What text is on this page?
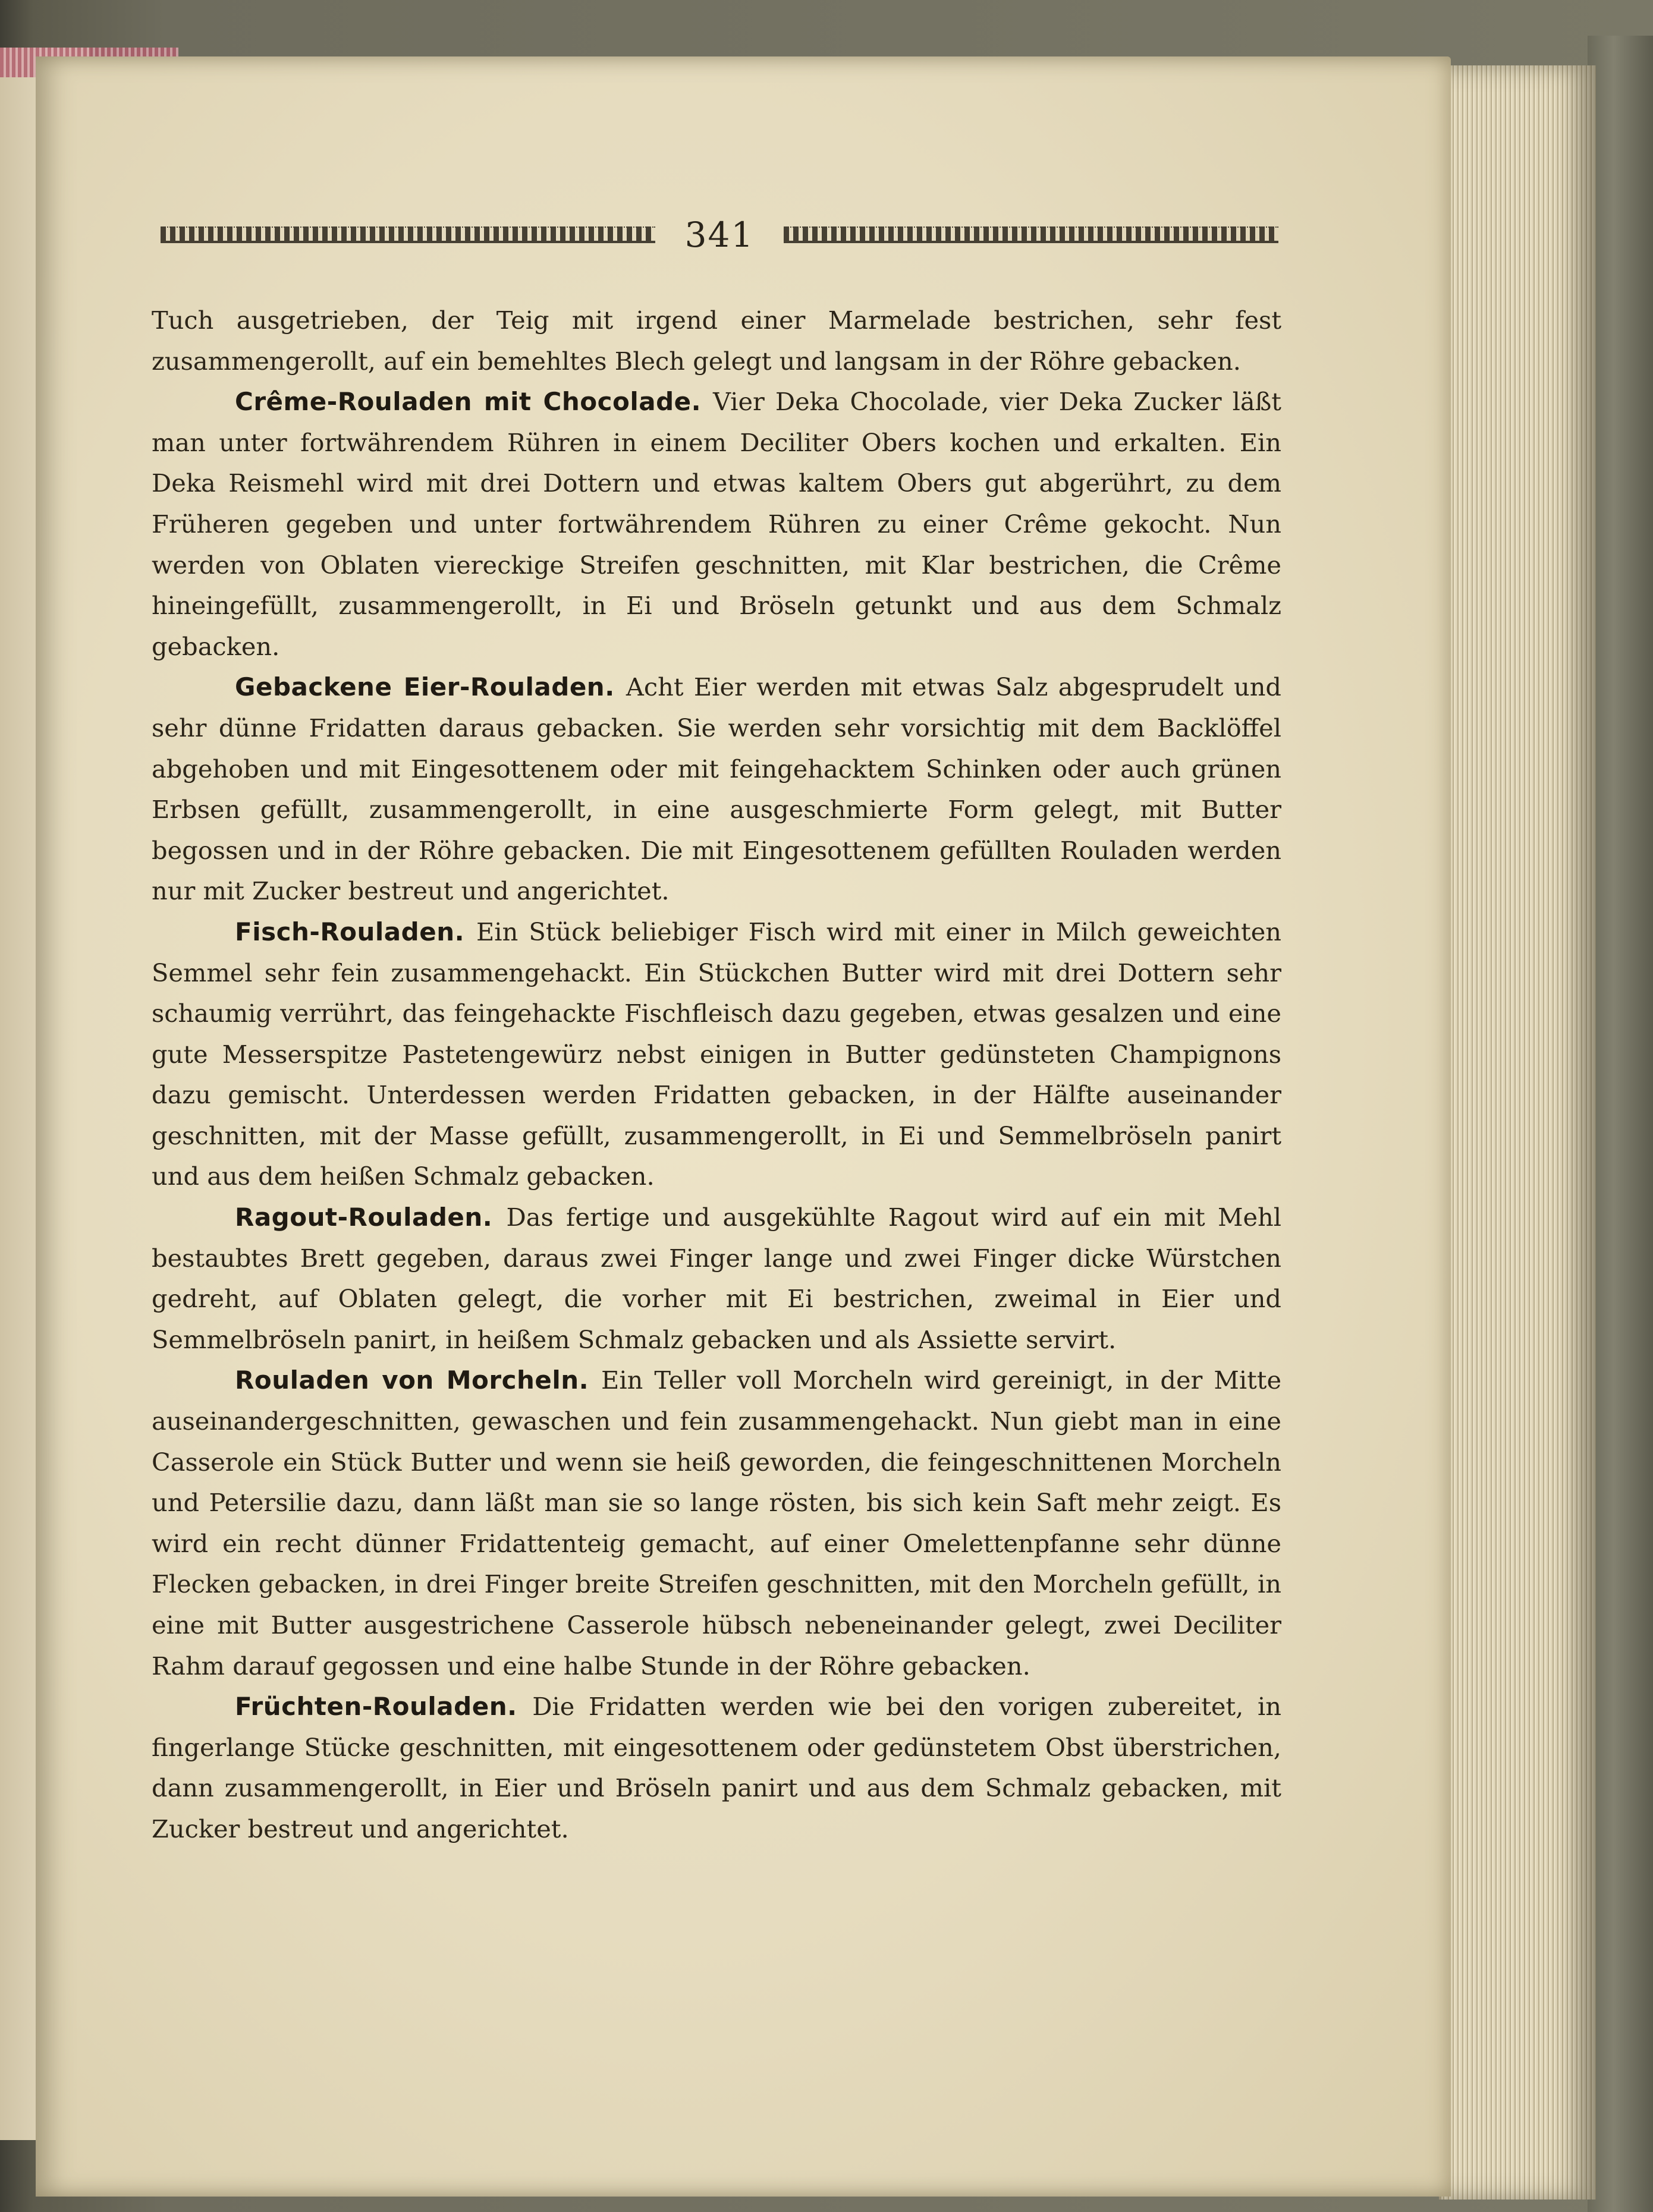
341

Tuch ausgetrieben, der Teig mit irgend einer Marmelade bestrichen, sehr fest zusammengerollt, auf ein bemehltes Blech gelegt und langsam in der Röhre gebacken.

Crême-Rouladen mit Chocolade. Vier Deka Chocolade, vier Deka Zucker läßt man unter fortwährendem Rühren in einem Deciliter Obers kochen und erkalten. Ein Deka Reismehl wird mit drei Dottern und etwas kaltem Obers gut abgerührt, zu dem Früheren gegeben und unter fortwährendem Rühren zu einer Crême gekocht. Nun werden von Oblaten viereckige Streifen geschnitten, mit Klar bestrichen, die Crême hineingefüllt, zusammengerollt, in Ei und Bröseln getunkt und aus dem Schmalz gebacken.

Gebackene Eier-Rouladen. Acht Eier werden mit etwas Salz abgesprudelt und sehr dünne Fridatten daraus gebacken. Sie werden sehr vorsichtig mit dem Backlöffel abgehoben und mit Eingesottenem oder mit feingehacktem Schinken oder auch grünen Erbsen gefüllt, zusammengerollt, in eine ausgeschmierte Form gelegt, mit Butter begossen und in der Röhre gebacken. Die mit Eingesottenem gefüllten Rouladen werden nur mit Zucker bestreut und angerichtet.

Fisch-Rouladen. Ein Stück beliebiger Fisch wird mit einer in Milch geweichten Semmel sehr fein zusammengehackt. Ein Stückchen Butter wird mit drei Dottern sehr schaumig verrührt, das feingehackte Fischfleisch dazu gegeben, etwas gesalzen und eine gute Messerspitze Pastetengewürz nebst einigen in Butter gedünsteten Champignons dazu gemischt. Unterdessen werden Fridatten gebacken, in der Hälfte auseinander geschnitten, mit der Masse gefüllt, zusammengerollt, in Ei und Semmelbröseln panirt und aus dem heißen Schmalz gebacken.

Ragout-Rouladen. Das fertige und ausgekühlte Ragout wird auf ein mit Mehl bestaubtes Brett gegeben, daraus zwei Finger lange und zwei Finger dicke Würstchen gedreht, auf Oblaten gelegt, die vorher mit Ei bestrichen, zweimal in Eier und Semmelbröseln panirt, in heißem Schmalz gebacken und als Assiette servirt.

Rouladen von Morcheln. Ein Teller voll Morcheln wird gereinigt, in der Mitte auseinandergeschnitten, gewaschen und fein zusammengehackt. Nun giebt man in eine Casserole ein Stück Butter und wenn sie heiß geworden, die feingeschnittenen Morcheln und Petersilie dazu, dann läßt man sie so lange rösten, bis sich kein Saft mehr zeigt. Es wird ein recht dünner Fridattenteig gemacht, auf einer Omelettenpfanne sehr dünne Flecken gebacken, in drei Finger breite Streifen geschnitten, mit den Morcheln gefüllt, in eine mit Butter ausgestrichene Casserole hübsch nebeneinander gelegt, zwei Deciliter Rahm darauf gegossen und eine halbe Stunde in der Röhre gebacken.

Früchten-Rouladen. Die Fridatten werden wie bei den vorigen zubereitet, in fingerlange Stücke geschnitten, mit eingesottenem oder gedünstetem Obst überstrichen, dann zusammengerollt, in Eier und Bröseln panirt und aus dem Schmalz gebacken, mit Zucker bestreut und angerichtet.
